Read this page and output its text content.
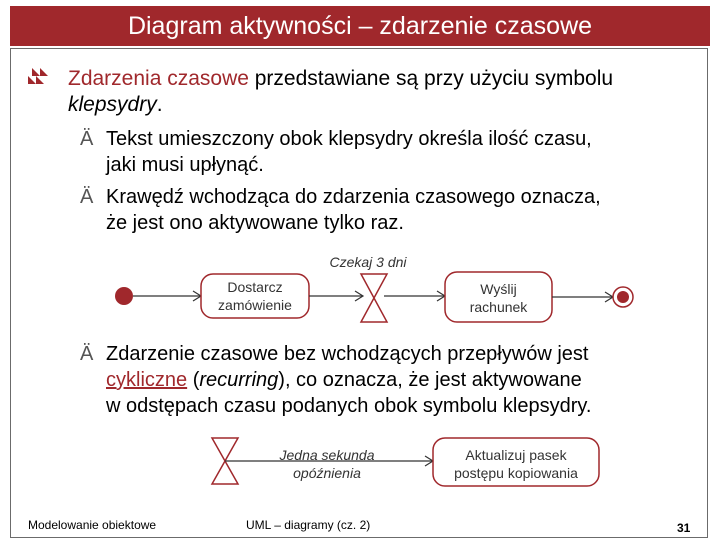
Diagram aktywności – zdarzenie czasowe
Zdarzenia czasowe przedstawiane są przy użyciu symbolu
klepsydry.
Ä Tekst umieszczony obok klepsydry określa ilość czasu,
jaki musi upłynąć.
Ä Krawędź wchodząca do zdarzenia czasowego oznacza,
że jest ono aktywowane tylko raz.
Czekaj 3 dni
Dostarcz
zamówienie
Wyślij
rachunek
Ä Zdarzenie czasowe bez wchodzących przepływów jest
cykliczne (recurring), co oznacza, że jest aktywowane
w odstępach czasu podanych obok symbolu klepsydry.
Jedna sekunda
opóźnienia
Aktualizuj pasek
postępu kopiowania
Modelowanie obiektowe	UML – diagramy (cz. 2)	31
